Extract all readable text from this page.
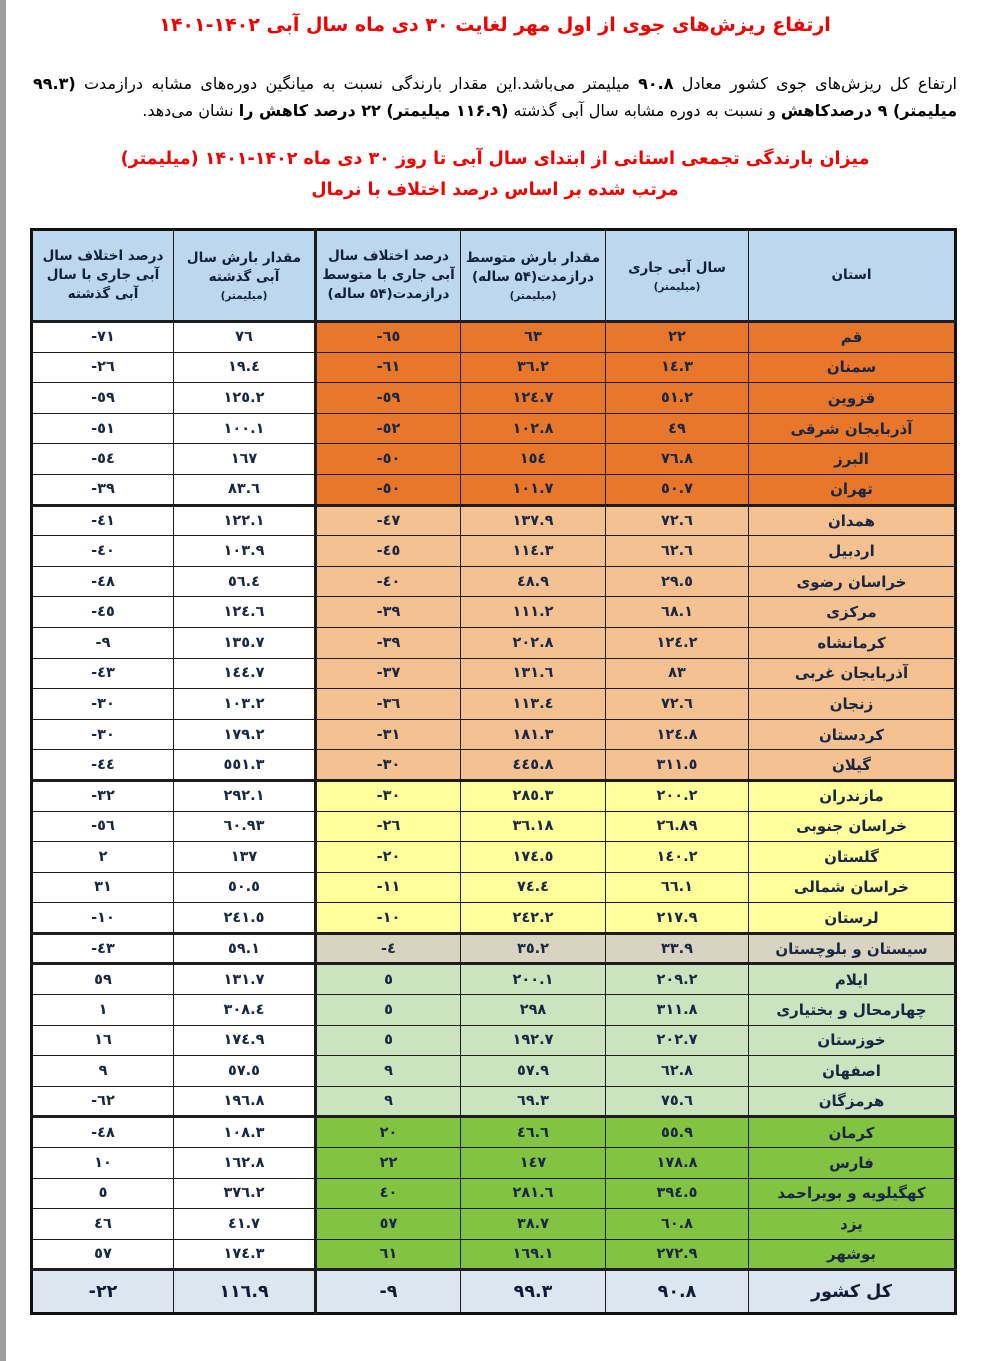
ارتفاع ریزش‌های جوی از اول مهر لغایت ۳۰ دی ماه سال آبی ۱۴۰۱-۱۴۰۲
ارتفاع کل ریزش‌های جوی کشور معادل ۹۰.۸ میلیمتر می‌باشد.این مقدار بارندگی نسبت به میانگین دوره‌های مشابه درازمدت (۹۹.۳ میلیمتر) ۹ درصدکاهش و نسبت به دوره مشابه سال آبی گذشته (۱۱۶.۹ میلیمتر) ۲۲ درصد کاهش را نشان می‌دهد.
میزان بارندگی تجمعی استانی از ابتدای سال آبی تا روز ۳۰ دی ماه ۱۴۰۱-۱۴۰۲ (میلیمتر)
مرتب شده بر اساس درصد اختلاف با نرمال
استان

سال آبی جاری
(میلیمتر)

مقدار بارش متوسط درازمدت(۵۴ ساله)
(میلیمتر)

درصد اختلاف سال آبی جاری با متوسط درازمدت(۵۴ ساله)

مقدار بارش سال آبی گذشته
(میلیمتر)

درصد اختلاف سال آبی جاری با سال آبی گذشته

قم	٢٢	٦٣	-٦٥	٧٦	-٧١
سمنان	١٤.٣	٣٦.٢	-٦١	١٩.٤	-٢٦
قزوین	٥١.٢	١٢٤.٧	-٥٩	١٢٥.٢	-٥٩
آذربایجان شرقی	٤٩	١٠٢.٨	-٥٢	١٠٠.١	-٥١
البرز	٧٦.٨	١٥٤	-٥٠	١٦٧	-٥٤
تهران	٥٠.٧	١٠١.٧	-٥٠	٨٣.٦	-٣٩
همدان	٧٢.٦	١٣٧.٩	-٤٧	١٢٢.١	-٤١
اردبیل	٦٢.٦	١١٤.٣	-٤٥	١٠٣.٩	-٤٠
خراسان رضوی	٢٩.٥	٤٨.٩	-٤٠	٥٦.٤	-٤٨
مرکزی	٦٨.١	١١١.٢	-٣٩	١٢٤.٦	-٤٥
کرمانشاه	١٢٤.٢	٢٠٢.٨	-٣٩	١٣٥.٧	-٩
آذربایجان غربی	٨٣	١٣١.٦	-٣٧	١٤٤.٧	-٤٣
زنجان	٧٢.٦	١١٣.٤	-٣٦	١٠٣.٢	-٣٠
کردستان	١٢٤.٨	١٨١.٣	-٣١	١٧٩.٢	-٣٠
گیلان	٣١١.٥	٤٤٥.٨	-٣٠	٥٥١.٣	-٤٤
مازندران	٢٠٠.٢	٢٨٥.٣	-٣٠	٢٩٢.١	-٣٢
خراسان جنوبی	٢٦.٨٩	٣٦.١٨	-٢٦	٦٠.٩٣	-٥٦
گلستان	١٤٠.٢	١٧٤.٥	-٢٠	١٣٧	٢
خراسان شمالی	٦٦.١	٧٤.٤	-١١	٥٠.٥	٣١
لرستان	٢١٧.٩	٢٤٢.٢	-١٠	٢٤١.٥	-١٠
سیستان و بلوچستان	٣٣.٩	٣٥.٢	-٤	٥٩.١	-٤٣
ایلام	٢٠٩.٢	٢٠٠.١	٥	١٣١.٧	٥٩
چهارمحال و بختیاری	٣١١.٨	٢٩٨	٥	٣٠٨.٤	١
خوزستان	٢٠٢.٧	١٩٢.٧	٥	١٧٤.٩	١٦
اصفهان	٦٢.٨	٥٧.٩	٩	٥٧.٥	٩
هرمزگان	٧٥.٦	٦٩.٣	٩	١٩٦.٨	-٦٢
کرمان	٥٥.٩	٤٦.٦	٢٠	١٠٨.٣	-٤٨
فارس	١٧٨.٨	١٤٧	٢٢	١٦٢.٨	١٠
کهگیلویه و بویراحمد	٣٩٤.٥	٢٨١.٦	٤٠	٣٧٦.٢	٥
یزد	٦٠.٨	٣٨.٧	٥٧	٤١.٧	٤٦
بوشهر	٢٧٢.٩	١٦٩.١	٦١	١٧٤.٣	٥٧
کل کشور	٩٠.٨	٩٩.٣	-٩	١١٦.٩	-٢٢
